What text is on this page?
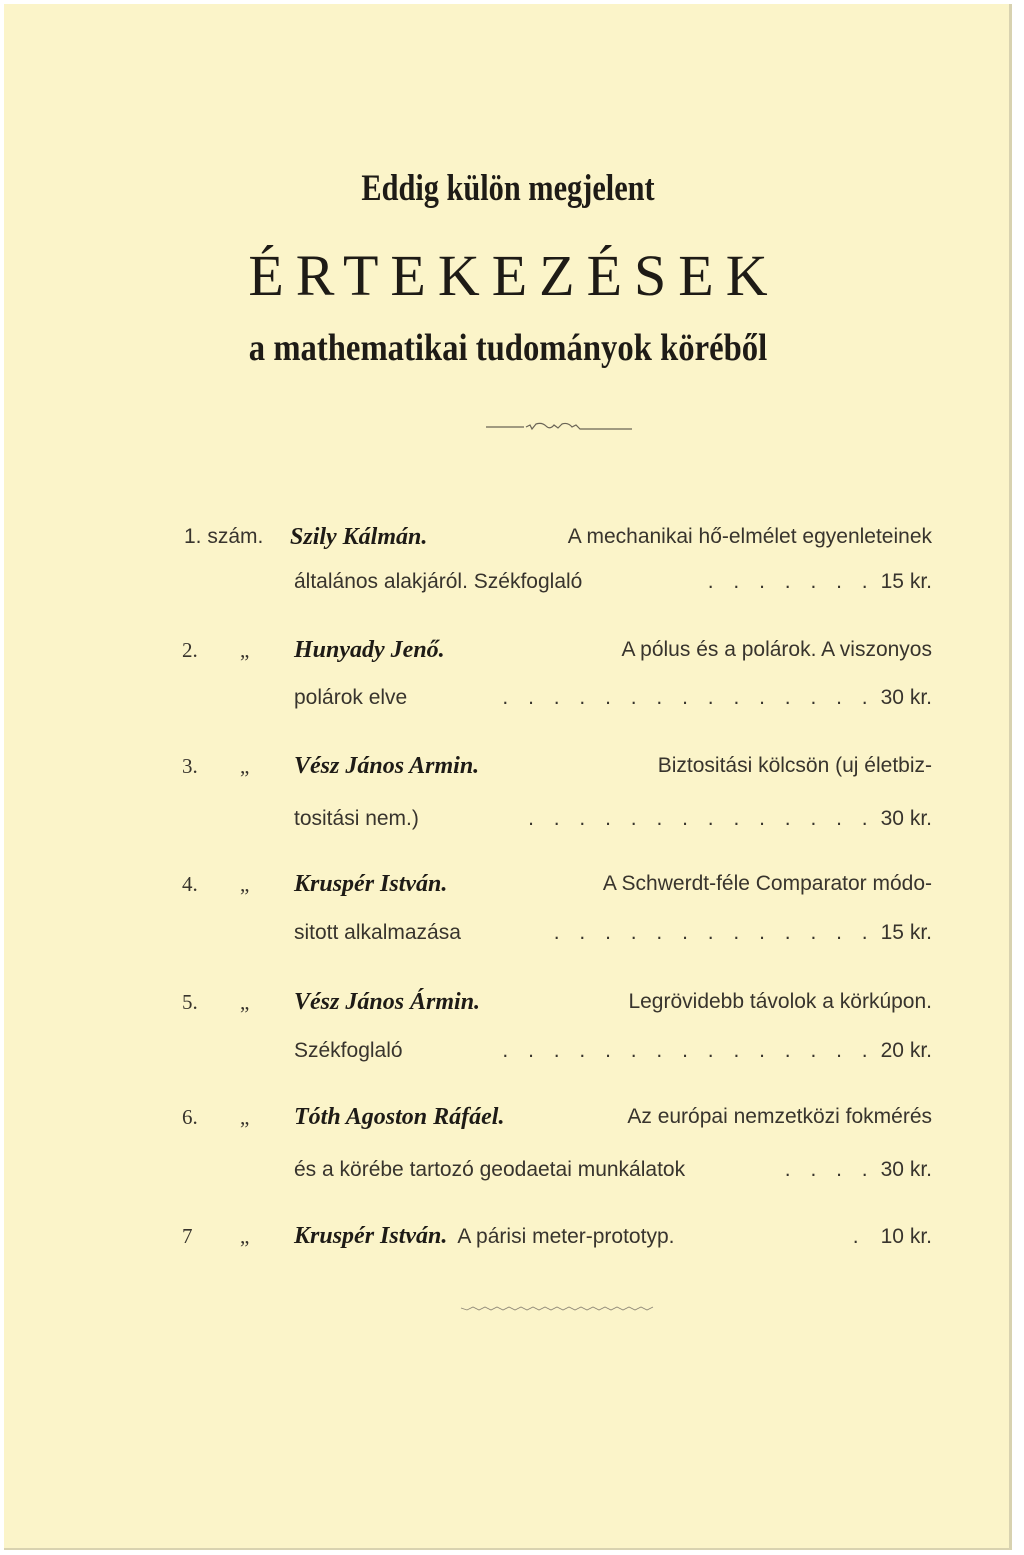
Eddig külön megjelent
ÉRTEKEZÉSEK
a mathematikai tudományok köréből
1. szám. Szily Kálmán.	A mechanikai hő-elmélet egyenleteinek
általános alakjáról. Székfoglaló	. . . . . . . 15 kr.
2. „ Hunyady Jenő.	A pólus és a polárok. A viszonyos
polárok elve	. . . . . . . . . . . . . . . 30 kr.
3. „ Vész János Armin.	Biztositási kölcsön (uj életbiz-
tositási nem.)	. . . . . . . . . . . . . . 30 kr.
4. „ Kruspér István.	A Schwerdt-féle Comparator módo-
sitott alkalmazása	. . . . . . . . . . . . . 15 kr.
5. „ Vész János Ármin.	Legrövidebb távolok a körkúpon.
Székfoglaló	. . . . . . . . . . . . . . . 20 kr.
6. „ Tóth Agoston Ráfáel.	Az európai nemzetközi fokmérés
és a körébe tartozó geodaetai munkálatok	. . . . 30 kr.
7 „ Kruspér István. A párisi meter-prototyp.	. 10 kr.
